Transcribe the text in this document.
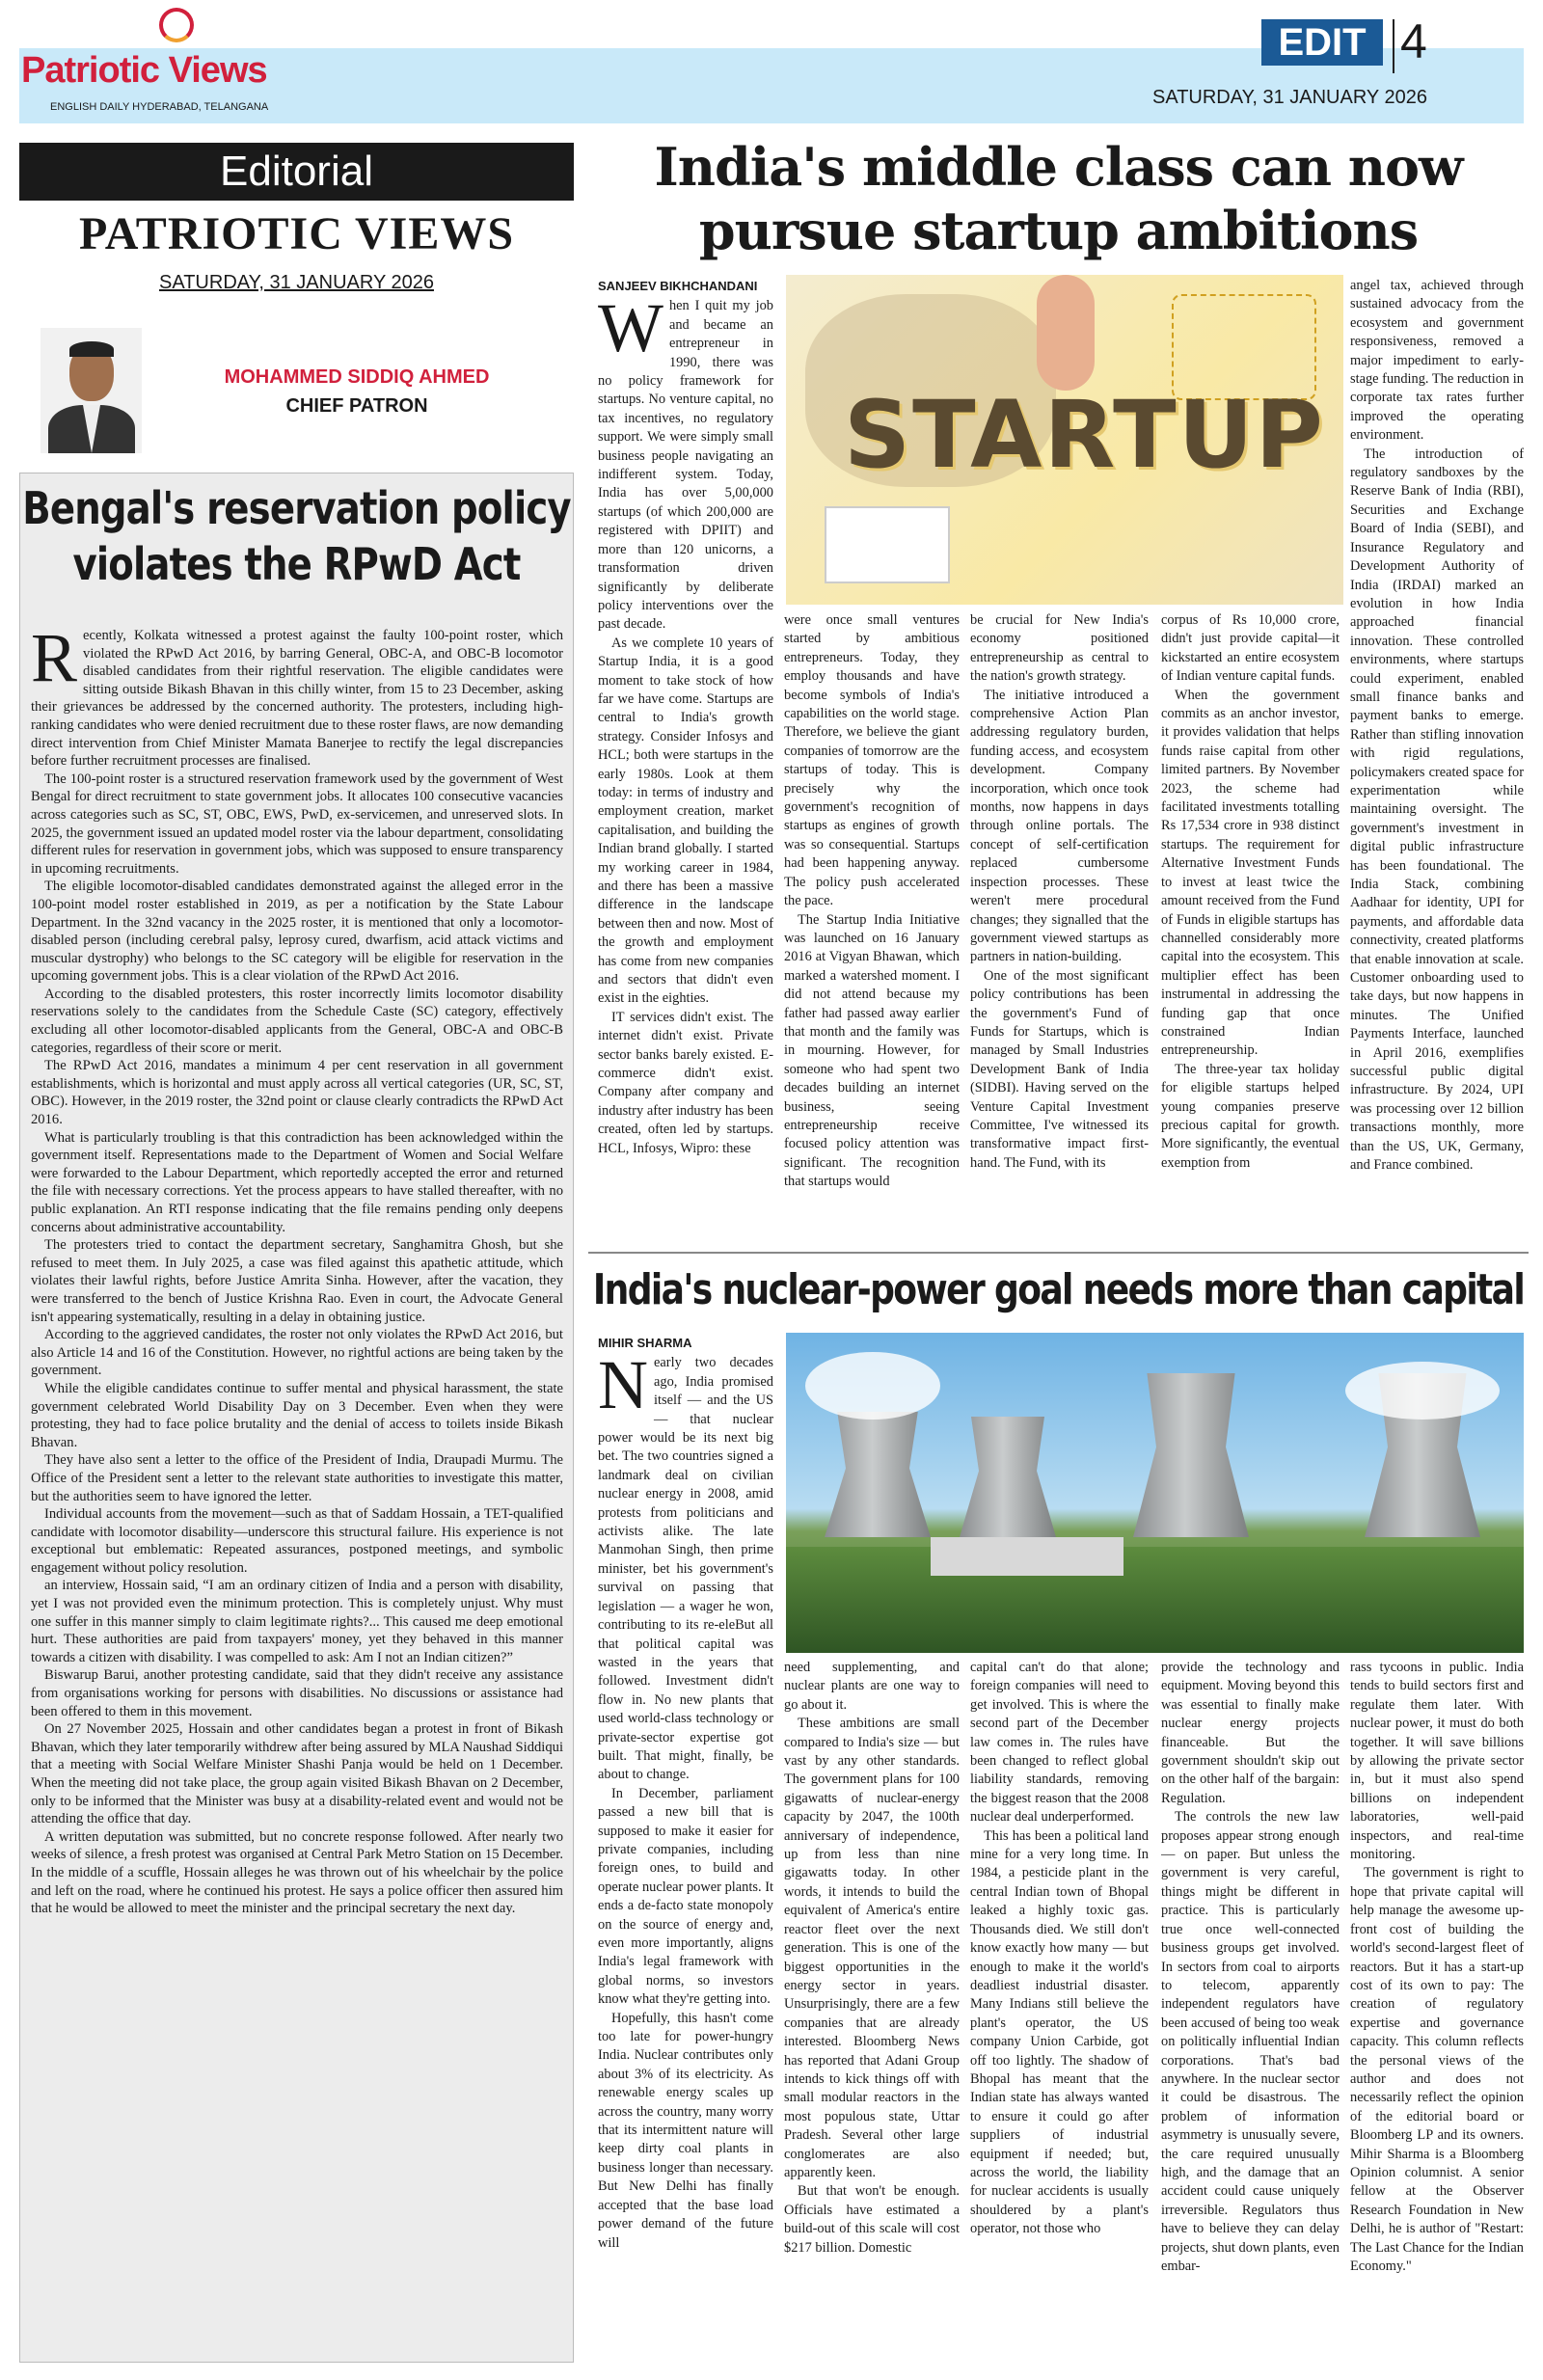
Patriotic Views
ENGLISH DAILY HYDERABAD, TELANGANA
EDIT 4
SATURDAY, 31 JANUARY 2026
Editorial
PATRIOTIC VIEWS
SATURDAY, 31 JANUARY 2026
MOHAMMED SIDDIQ AHMED
CHIEF PATRON
Bengal's reservation policy violates the RPwD Act
R ecently, Kolkata witnessed a protest against the faulty 100-point roster, which violated the RPwD Act 2016, by barring General, OBC-A, and OBC-B locomotor disabled candidates from their rightful reservation. The eligible candidates were sitting outside Bikash Bhavan in this chilly winter, from 15 to 23 December, asking their grievances be addressed by the concerned authority. The protesters, including high-ranking candidates who were denied recruitment due to these roster flaws, are now demanding direct intervention from Chief Minister Mamata Banerjee to rectify the legal discrepancies before further recruitment processes are finalised.

The 100-point roster is a structured reservation framework used by the government of West Bengal for direct recruitment to state government jobs. It allocates 100 consecutive vacancies across categories such as SC, ST, OBC, EWS, PwD, ex-servicemen, and unreserved slots. In 2025, the government issued an updated model roster via the labour department, consolidating different rules for reservation in government jobs, which was supposed to ensure transparency in upcoming recruitments.

The eligible locomotor-disabled candidates demonstrated against the alleged error in the 100-point model roster established in 2019, as per a notification by the State Labour Department. In the 32nd vacancy in the 2025 roster, it is mentioned that only a locomotor-disabled person (including cerebral palsy, leprosy cured, dwarfism, acid attack victims and muscular dystrophy) who belongs to the SC category will be eligible for reservation in the upcoming government jobs. This is a clear violation of the RPwD Act 2016.

According to the disabled protesters, this roster incorrectly limits locomotor disability reservations solely to the candidates from the Schedule Caste (SC) category, effectively excluding all other locomotor-disabled applicants from the General, OBC-A and OBC-B categories, regardless of their score or merit.

The RPwD Act 2016, mandates a minimum 4 per cent reservation in all government establishments, which is horizontal and must apply across all vertical categories (UR, SC, ST, OBC). However, in the 2019 roster, the 32nd point or clause clearly contradicts the RPwD Act 2016.

What is particularly troubling is that this contradiction has been acknowledged within the government itself. Representations made to the Department of Women and Social Welfare were forwarded to the Labour Department, which reportedly accepted the error and returned the file with necessary corrections. Yet the process appears to have stalled thereafter, with no public explanation. An RTI response indicating that the file remains pending only deepens concerns about administrative accountability.

The protesters tried to contact the department secretary, Sanghamitra Ghosh, but she refused to meet them. In July 2025, a case was filed against this apathetic attitude, which violates their lawful rights, before Justice Amrita Sinha. However, after the vacation, they were transferred to the bench of Justice Krishna Rao. Even in court, the Advocate General isn't appearing systematically, resulting in a delay in obtaining justice.

According to the aggrieved candidates, the roster not only violates the RPwD Act 2016, but also Article 14 and 16 of the Constitution. However, no rightful actions are being taken by the government.

While the eligible candidates continue to suffer mental and physical harassment, the state government celebrated World Disability Day on 3 December. Even when they were protesting, they had to face police brutality and the denial of access to toilets inside Bikash Bhavan.

They have also sent a letter to the office of the President of India, Draupadi Murmu. The Office of the President sent a letter to the relevant state authorities to investigate this matter, but the authorities seem to have ignored the letter.

Individual accounts from the movement—such as that of Saddam Hossain, a TET-qualified candidate with locomotor disability—underscore this structural failure. His experience is not exceptional but emblematic: Repeated assurances, postponed meetings, and symbolic engagement without policy resolution.

an interview, Hossain said, “I am an ordinary citizen of India and a person with disability, yet I was not provided even the minimum protection. This is completely unjust. Why must one suffer in this manner simply to claim legitimate rights?... This caused me deep emotional hurt. These authorities are paid from taxpayers' money, yet they behaved in this manner towards a citizen with disability. I was compelled to ask: Am I not an Indian citizen?”

Biswarup Barui, another protesting candidate, said that they didn't receive any assistance from organisations working for persons with disabilities. No discussions or assistance had been offered to them in this movement.

On 27 November 2025, Hossain and other candidates began a protest in front of Bikash Bhavan, which they later temporarily withdrew after being assured by MLA Naushad Siddiqui that a meeting with Social Welfare Minister Shashi Panja would be held on 1 December. When the meeting did not take place, the group again visited Bikash Bhavan on 2 December, only to be informed that the Minister was busy at a disability-related event and would not be attending the office that day.

A written deputation was submitted, but no concrete response followed. After nearly two weeks of silence, a fresh protest was organised at Central Park Metro Station on 15 December. In the middle of a scuffle, Hossain alleges he was thrown out of his wheelchair by the police and left on the road, where he continued his protest. He says a police officer then assured him that he would be allowed to meet the minister and the principal secretary the next day.

India's middle class can now pursue startup ambitions
STARTUP
SANJEEV BIKHCHANDANI
W hen I quit my job and became an entrepreneur in 1990, there was no policy framework for startups. No venture capital, no tax incentives, no regulatory support. We were simply small business people navigating an indifferent system. Today, India has over 5,00,000 startups (of which 200,000 are registered with DPIIT) and more than 120 unicorns, a transformation driven significantly by deliberate policy interventions over the past decade.

As we complete 10 years of Startup India, it is a good moment to take stock of how far we have come. Startups are central to India's growth strategy. Consider Infosys and HCL; both were startups in the early 1980s. Look at them today: in terms of industry and employment creation, market capitalisation, and building the Indian brand globally. I started my working career in 1984, and there has been a massive difference in the landscape between then and now. Most of the growth and employment has come from new companies and sectors that didn't even exist in the eighties.

IT services didn't exist. The internet didn't exist. Private sector banks barely existed. E-commerce didn't exist. Company after company and industry after industry has been created, often led by startups. HCL, Infosys, Wipro: these

were once small ventures started by ambitious entrepreneurs. Today, they employ thousands and have become symbols of India's capabilities on the world stage. Therefore, we believe the giant companies of tomorrow are the startups of today. This is precisely why the government's recognition of startups as engines of growth was so consequential. Startups had been happening anyway. The policy push accelerated the pace.

The Startup India Initiative was launched on 16 January 2016 at Vigyan Bhawan, which marked a watershed moment. I did not attend because my father had passed away earlier that month and the family was in mourning. However, for someone who had spent two decades building an internet business, seeing entrepreneurship receive focused policy attention was significant. The recognition that startups would

be crucial for New India's economy positioned entrepreneurship as central to the nation's growth strategy.

The initiative introduced a comprehensive Action Plan addressing regulatory burden, funding access, and ecosystem development. Company incorporation, which once took months, now happens in days through online portals. The concept of self-certification replaced cumbersome inspection processes. These weren't mere procedural changes; they signalled that the government viewed startups as partners in nation-building.

One of the most significant policy contributions has been the government's Fund of Funds for Startups, which is managed by Small Industries Development Bank of India (SIDBI). Having served on the Venture Capital Investment Committee, I've witnessed its transformative impact first-hand. The Fund, with its

corpus of Rs 10,000 crore, didn't just provide capital—it kickstarted an entire ecosystem of Indian venture capital funds.

When the government commits as an anchor investor, it provides validation that helps funds raise capital from other limited partners. By November 2023, the scheme had facilitated investments totalling Rs 17,534 crore in 938 distinct startups. The requirement for Alternative Investment Funds to invest at least twice the amount received from the Fund of Funds in eligible startups has channelled considerably more capital into the ecosystem. This multiplier effect has been instrumental in addressing the funding gap that once constrained Indian entrepreneurship.

The three-year tax holiday for eligible startups helped young companies preserve precious capital for growth. More significantly, the eventual exemption from

angel tax, achieved through sustained advocacy from the ecosystem and government responsiveness, removed a major impediment to early-stage funding. The reduction in corporate tax rates further improved the operating environment.

The introduction of regulatory sandboxes by the Reserve Bank of India (RBI), Securities and Exchange Board of India (SEBI), and Insurance Regulatory and Development Authority of India (IRDAI) marked an evolution in how India approached financial innovation. These controlled environments, where startups could experiment, enabled small finance banks and payment banks to emerge. Rather than stifling innovation with rigid regulations, policymakers created space for experimentation while maintaining oversight. The government's investment in digital public infrastructure has been foundational. The India Stack, combining Aadhaar for identity, UPI for payments, and affordable data connectivity, created platforms that enable innovation at scale. Customer onboarding used to take days, but now happens in minutes. The Unified Payments Interface, launched in April 2016, exemplifies successful public digital infrastructure. By 2024, UPI was processing over 12 billion transactions monthly, more than the US, UK, Germany, and France combined.

India's nuclear-power goal needs more than capital
MIHIR SHARMA
N early two decades ago, India promised itself — and the US — that nuclear power would be its next big bet. The two countries signed a landmark deal on civilian nuclear energy in 2008, amid protests from politicians and activists alike. The late Manmohan Singh, then prime minister, bet his government's survival on passing that legislation — a wager he won, contributing to its re-eleBut all that political capital was wasted in the years that followed. Investment didn't flow in. No new plants that used world-class technology or private-sector expertise got built. That might, finally, be about to change.

In December, parliament passed a new bill that is supposed to make it easier for private companies, including foreign ones, to build and operate nuclear power plants. It ends a de-facto state monopoly on the source of energy and, even more importantly, aligns India's legal framework with global norms, so investors know what they're getting into.

Hopefully, this hasn't come too late for power-hungry India. Nuclear contributes only about 3% of its electricity. As renewable energy scales up across the country, many worry that its intermittent nature will keep dirty coal plants in business longer than necessary. But New Delhi has finally accepted that the base load power demand of the future will

need supplementing, and nuclear plants are one way to go about it.

These ambitions are small compared to India's size — but vast by any other standards. The government plans for 100 gigawatts of nuclear-energy capacity by 2047, the 100th anniversary of independence, up from less than nine gigawatts today. In other words, it intends to build the equivalent of America's entire reactor fleet over the next generation. This is one of the biggest opportunities in the energy sector in years. Unsurprisingly, there are a few companies that are already interested. Bloomberg News has reported that Adani Group intends to kick things off with small modular reactors in the most populous state, Uttar Pradesh. Several other large conglomerates are also apparently keen.

But that won't be enough. Officials have estimated a build-out of this scale will cost $217 billion. Domestic

capital can't do that alone; foreign companies will need to get involved. This is where the second part of the December law comes in. The rules have been changed to reflect global liability standards, removing the biggest reason that the 2008 nuclear deal underperformed.

This has been a political land mine for a very long time. In 1984, a pesticide plant in the central Indian town of Bhopal leaked a highly toxic gas. Thousands died. We still don't know exactly how many — but enough to make it the world's deadliest industrial disaster. Many Indians still believe the plant's operator, the US company Union Carbide, got off too lightly. The shadow of Bhopal has meant that the Indian state has always wanted to ensure it could go after suppliers of industrial equipment if needed; but, across the world, the liability for nuclear accidents is usually shouldered by a plant's operator, not those who

provide the technology and equipment. Moving beyond this was essential to finally make nuclear energy projects financeable. But the government shouldn't skip out on the other half of the bargain: Regulation.

The controls the new law proposes appear strong enough — on paper. But unless the government is very careful, things might be different in practice. This is particularly true once well-connected business groups get involved. In sectors from coal to airports to telecom, apparently independent regulators have been accused of being too weak on politically influential Indian corporations. That's bad anywhere. In the nuclear sector it could be disastrous. The problem of information asymmetry is unusually severe, the care required unusually high, and the damage that an accident could cause uniquely irreversible. Regulators thus have to believe they can delay projects, shut down plants, even embar-

rass tycoons in public. India tends to build sectors first and regulate them later. With nuclear power, it must do both together. It will save billions by allowing the private sector in, but it must also spend billions on independent laboratories, well-paid inspectors, and real-time monitoring.

The government is right to hope that private capital will help manage the awesome up-front cost of building the world's second-largest fleet of reactors. But it has a start-up cost of its own to pay: The creation of regulatory expertise and governance capacity. This column reflects the personal views of the author and does not necessarily reflect the opinion of the editorial board or Bloomberg LP and its owners. Mihir Sharma is a Bloomberg Opinion columnist. A senior fellow at the Observer Research Foundation in New Delhi, he is author of "Restart: The Last Chance for the Indian Economy."
